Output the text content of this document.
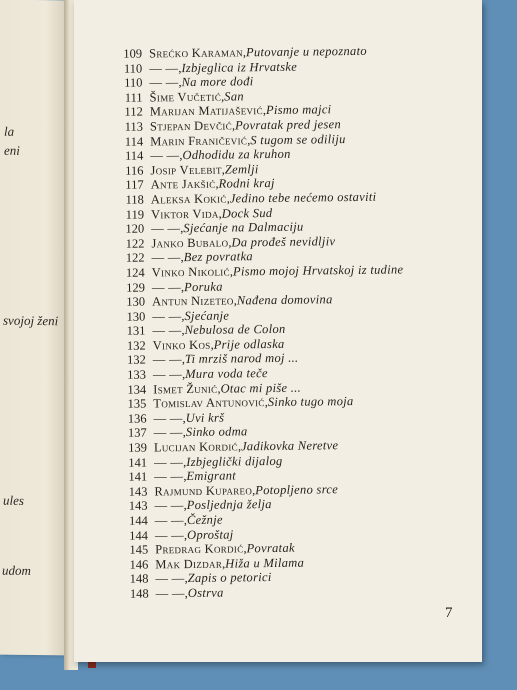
la
eni
svojoj ženi
ules
udom
109 Srećko Karaman , Putovanje u nepoznato
110 — — , Izbjeglica iz Hrvatske
110 — — , Na more dođi
111 Šime Vučetić , San
112 Marijan Matijašević , Pismo majci
113 Stjepan Devčić , Povratak pred jesen
114 Marin Franičević , S tugom se odiliju
114 — — , Odhodidu za kruhon
116 Josip Velebit , Zemlji
117 Ante Jakšić , Rodni kraj
118 Aleksa Kokić , Jedino tebe nećemo ostaviti
119 Viktor Vida , Dock Sud
120 — — , Sjećanje na Dalmaciju
122 Janko Bubalo , Da prođeš nevidljiv
122 — — , Bez povratka
124 Vinko Nikolić , Pismo mojoj Hrvatskoj iz tudine
129 — — , Poruka
130 Antun Nizeteo , Nađena domovina
130 — — , Sjećanje
131 — — , Nebulosa de Colon
132 Vinko Kos , Prije odlaska
132 — — , Ti mrziš narod moj ...
133 — — , Mura voda teče
134 Ismet Žunić , Otac mi piše ...
135 Tomislav Antunović , Sinko tugo moja
136 — — , Uvi krš
137 — — , Sinko odma
139 Lucijan Kordić , Jadikovka Neretve
141 — — , Izbjeglički dijalog
141 — — , Emigrant
143 Rajmund Kupareo , Potopljeno srce
143 — — , Posljednja želja
144 — — , Čežnje
144 — — , Oproštaj
145 Predrag Kordić , Povratak
146 Mak Dizdar , Hiža u Milama
148 — — , Zapis o petorici
148 — — , Ostrva
7
